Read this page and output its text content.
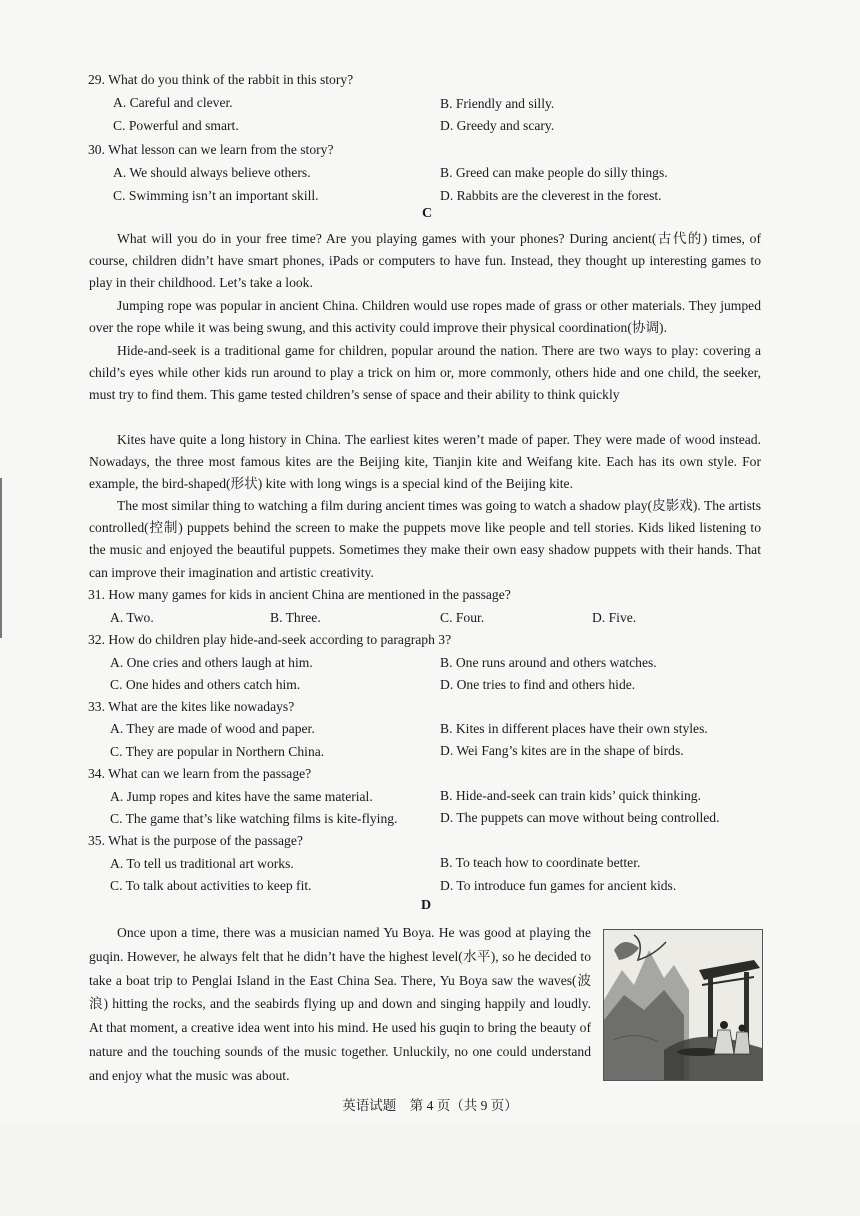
29. What do you think of the rabbit in this story?
A. Careful and clever.	B. Friendly and silly.
C. Powerful and smart.	D. Greedy and scary.
30. What lesson can we learn from the story?
A. We should always believe others.	B. Greed can make people do silly things.
C. Swimming isn’t an important skill.	D. Rabbits are the cleverest in the forest.
C
What will you do in your free time? Are you playing games with your phones? During ancient(古代的) times, of course, children didn’t have smart phones, iPads or computers to have fun. Instead, they thought up interesting games to play in their childhood. Let’s take a look.
Jumping rope was popular in ancient China. Children would use ropes made of grass or other materials. They jumped over the rope while it was being swung, and this activity could improve their physical coordination(协调).
Hide-and-seek is a traditional game for children, popular around the nation. There are two ways to play: covering a child’s eyes while other kids run around to play a trick on him or, more commonly, others hide and one child, the seeker, must try to find them. This game tested children’s sense of space and their ability to think quickly
Kites have quite a long history in China. The earliest kites weren’t made of paper. They were made of wood instead. Nowadays, the three most famous kites are the Beijing kite, Tianjin kite and Weifang kite. Each has its own style. For example, the bird-shaped(形状) kite with long wings is a special kind of the Beijing kite.
The most similar thing to watching a film during ancient times was going to watch a shadow play(皮影戏). The artists controlled(控制) puppets behind the screen to make the puppets move like people and tell stories. Kids liked listening to the music and enjoyed the beautiful puppets. Sometimes they make their own easy shadow puppets with their hands. That can improve their imagination and artistic creativity.
31. How many games for kids in ancient China are mentioned in the passage?
A. Two.	B. Three.	C. Four.	D. Five.
32. How do children play hide-and-seek according to paragraph 3?
A. One cries and others laugh at him.	B. One runs around and others watches.
C. One hides and others catch him.	D. One tries to find and others hide.
33. What are the kites like nowadays?
A. They are made of wood and paper.	B. Kites in different places have their own styles.
C. They are popular in Northern China.	D. Wei Fang’s kites are in the shape of birds.
34. What can we learn from the passage?
A. Jump ropes and kites have the same material.	B. Hide-and-seek can train kids’ quick thinking.
C. The game that’s like watching films is kite-flying.	D. The puppets can move without being controlled.
35. What is the purpose of the passage?
A. To tell us traditional art works.	B. To teach how to coordinate better.
C. To talk about activities to keep fit.	D. To introduce fun games for ancient kids.
D
Once upon a time, there was a musician named Yu Boya. He was good at playing the guqin. However, he always felt that he didn’t have the highest level(水平), so he decided to take a boat trip to Penglai Island in the East China Sea. There, Yu Boya saw the waves(波浪) hitting the rocks, and the seabirds flying up and down and singing happily and loudly. At that moment, a creative idea went into his mind. He used his guqin to bring the beauty of nature and the touching sounds of the music together. Unluckily, no one could understand and enjoy what the music was about.
英语试题　第 4 页（共 9 页）
